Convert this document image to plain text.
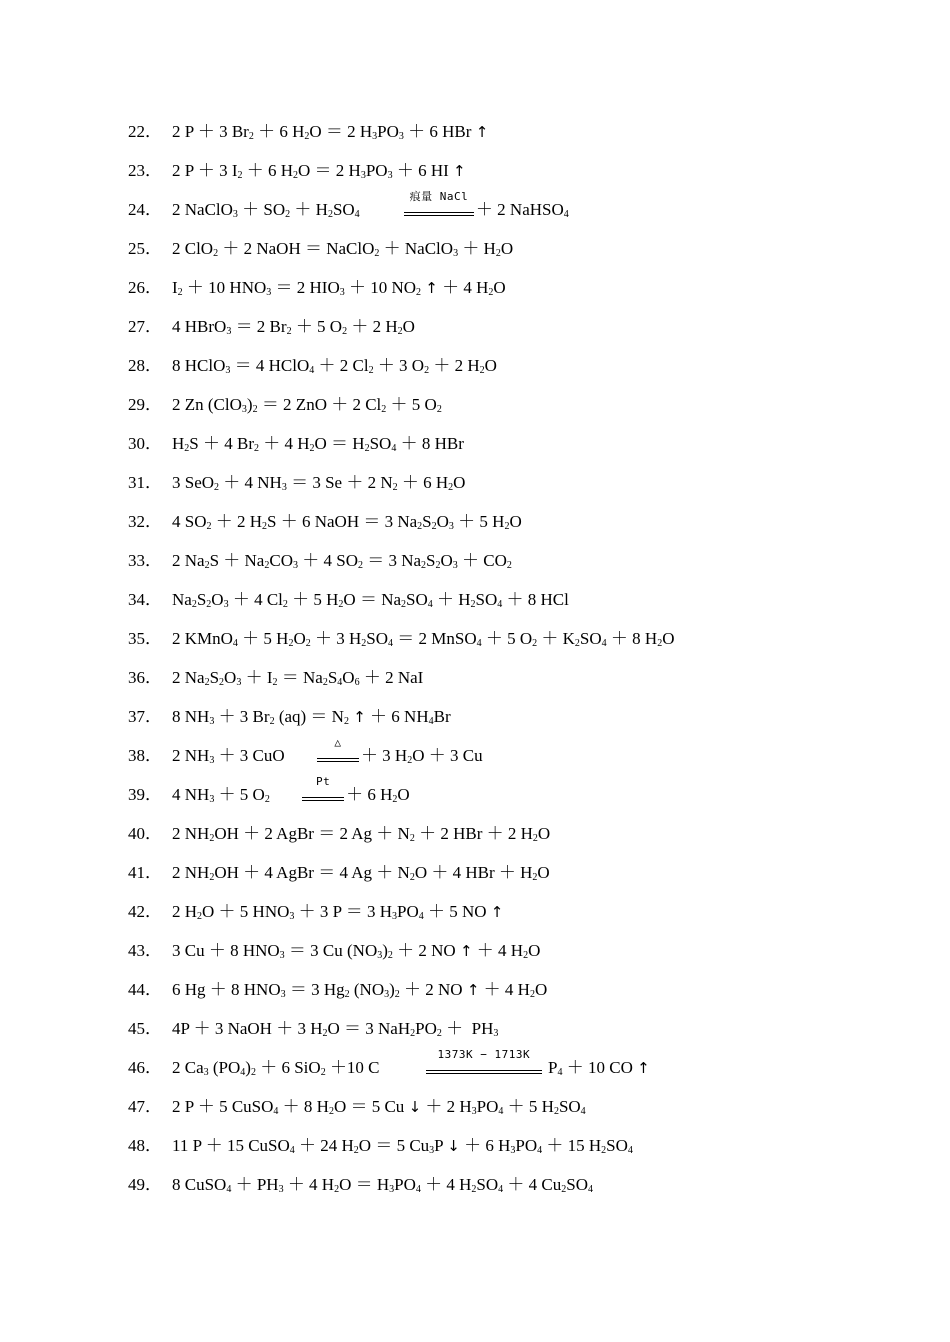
22． 2 P ＋ 3 $Br_2 + 6$ $H_2O = 2$ $H_3PO_3 + 6$ HBr ↑
23． 2 P ＋ 3 $I_2 + 6$ $H_2O = 2$ $H_3PO_3 + 6$ HI ↑
24． 2 NaClO$_3$ ＋ $SO_2 + H_2SO_4$
痕量 NaCl
＋ 2 NaHSO$_4$
25． 2 ClO$_2$ ＋ 2 NaOH ＝ NaClO$_2$ ＋ NaClO$_3$ ＋ $H_2O$
26． $I_2 + 10$ $HNO_3 = 2$ $HIO_3 + 10$ $NO_2$ ↑ ＋ 4 $H_2O$
27． 4 HBrO$_3$ ＝ 2 $Br_2 + 5$ $O_2 + 2$ $H_2O$
28． 8 HClO$_3$ ＝ 4 HClO$_4$ ＋ 2 $Cl_2 + 3$ $O_2 + 2$ $H_2O$
29． 2 Zn $(ClO_3)_2 = 2$ ZnO ＋ 2 $Cl_2 + 5$ $O_2$
30． $H_2S + 4$ $Br_2 + 4$ $H_2O = H_2SO_4 + 8$ HBr
31． 3 SeO$_2$ ＋ 4 $NH_3 = 3$ Se ＋ 2 $N_2 + 6$ $H_2O$
32． 4 $SO_2 + 2$ $H_2S + 6$ NaOH ＝ 3 $Na_2S_2O_3 + 5$ $H_2O$
33． 2 $Na_2S + Na_2CO_3 + 4$ $SO_2 = 3$ $Na_2S_2O_3 + CO_2$
34． $Na_2S_2O_3 + 4$ $Cl_2 + 5$ $H_2O = Na_2SO_4 + H_2SO_4 + 8$ HCl
35． 2 KMnO$_4$ ＋ 5 $H_2O_2 + 3$ $H_2SO_4 = 2$ MnSO$_4$ ＋ 5 $O_2 + K_2SO_4 + 8$ $H_2O$
36． 2 $Na_2S_2O_3 + I_2 = Na_2S_4O_6 + 2$ NaI
37． 8 $NH_3 + 3$ $Br_2$ $(aq) = N_2$ ↑ ＋ 6 $NH_4Br$
38． 2 $NH_3 + 3$ CuO
△
＋ 3 $H_2O + 3$ Cu
39． 4 $NH_3 + 5$ $O_2$
Pt
＋ 6 $H_2O$
40． 2 $NH_2OH + 2$ AgBr ＝ 2 $Ag + N_2 + 2$ HBr ＋ 2 $H_2O$
41． 2 $NH_2OH + 4$ AgBr ＝ 4 $Ag + N_2O + 4$ HBr ＋ $H_2O$
42． 2 $H_2O + 5$ $HNO_3 + 3$ P ＝ 3 $H_3PO_4 + 5$ NO ↑
43． 3 Cu ＋ 8 $HNO_3 = 3$ Cu $(NO_3)_2 + 2$ NO ↑ ＋ 4 $H_2O$
44． 6 Hg ＋ 8 $HNO_3 = 3$ $Hg_2$ $(NO_3)_2 + 2$ NO ↑ ＋ 4 $H_2O$
45． 4P ＋ 3 NaOH ＋ 3 $H_2O = 3$ $NaH_2PO_2 + PH_3$
46． 2 $Ca_3$ $(PO_4)_2 + 6$ SiO$_2$ ＋10 C
1373K − 1713K
$P_4 + 10$ CO ↑
47． 2 P ＋ 5 CuSO$_4$ ＋ 8 $H_2O = 5$ Cu ↓ ＋ 2 $H_3PO_4 + 5$ $H_2SO_4$
48． 11 P ＋ 15 CuSO$_4$ ＋ 24 $H_2O = 5$ $Cu_3P$ ↓ ＋ 6 $H_3PO_4 + 15$ $H_2SO_4$
49． 8 CuSO$_4$ ＋ $PH_3 + 4$ $H_2O = H_3PO_4 + 4$ $H_2SO_4 + 4$ $Cu_2SO_4$
